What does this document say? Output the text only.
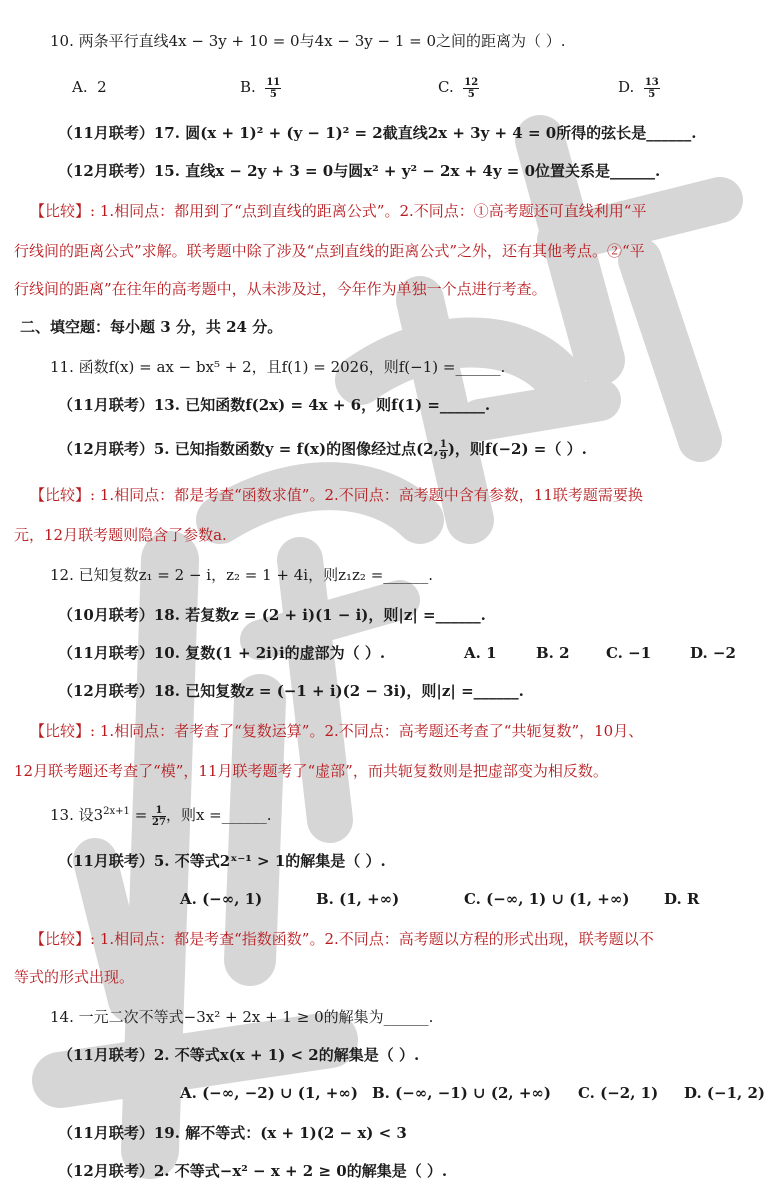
10. 两条平行直线4x − 3y + 10 = 0与4x − 3y − 1 = 0之间的距离为（ ）.
A. 2	B. $\frac{11}{5}$	C. $\frac{12}{5}$	D. $\frac{13}{5}$
（11月联考）17. 圆(x + 1)² + (y − 1)² = 2截直线2x + 3y + 4 = 0所得的弦长是______.
（12月联考）15. 直线x − 2y + 3 = 0与圆x² + y² − 2x + 4y = 0位置关系是______.
【比较】: 1.相同点：都用到了“点到直线的距离公式”。2.不同点：①高考题还可直线利用“平
行线间的距离公式”求解。联考题中除了涉及“点到直线的距离公式”之外，还有其他考点。②“平
行线间的距离”在往年的高考题中，从未涉及过，今年作为单独一个点进行考查。
二、填空题：每小题 3 分，共 24 分。
11. 函数f(x) = ax − bx⁵ + 2，且f(1) = 2026，则f(−1) =______.
（11月联考）13. 已知函数f(2x) = 4x + 6，则f(1) =______.
（12月联考）5. 已知指数函数y = f(x)的图像经过点(2, $\frac{1}{9}$ )，则f(−2) =（ ）.
【比较】: 1.相同点：都是考查“函数求值”。2.不同点：高考题中含有参数，11联考题需要换
元，12月联考题则隐含了参数a.
12. 已知复数z₁ = 2 − i，z₂ = 1 + 4i，则z₁z₂ =______.
（10月联考）18. 若复数z = (2 + i)(1 − i)，则|z| =______.
（11月联考）10. 复数(1 + 2i)i的虚部为（ ）.	A. 1	B. 2 C. −1	D. −2
（12月联考）18. 已知复数z = (−1 + i)(2 − 3i)，则|z| =______.
【比较】: 1.相同点：者考查了“复数运算”。2.不同点：高考题还考查了“共轭复数”，10月、
12月联考题还考查了“模”，11月联考题考了“虚部”，而共轭复数则是把虚部变为相反数。
13. 设$3^{2x+1} = \frac{1}{27}$ ，则x =______.
（11月联考）5. 不等式2ˣ⁻¹ > 1的解集是（ ）.
A. (−∞, 1)	B. (1, +∞)	C. (−∞, 1) ∪ (1, +∞) D. R
【比较】: 1.相同点：都是考查“指数函数”。2.不同点：高考题以方程的形式出现，联考题以不
等式的形式出现。
14. 一元二次不等式−3x² + 2x + 1 ≥ 0的解集为______.
（11月联考）2. 不等式x(x + 1) < 2的解集是（ ）.
A. (−∞, −2) ∪ (1, +∞) B. (−∞, −1) ∪ (2, +∞) C. (−2, 1) D. (−1, 2)
（11月联考）19. 解不等式：(x + 1)(2 − x) < 3
（12月联考）2. 不等式−x² − x + 2 ≥ 0的解集是（ ）.
